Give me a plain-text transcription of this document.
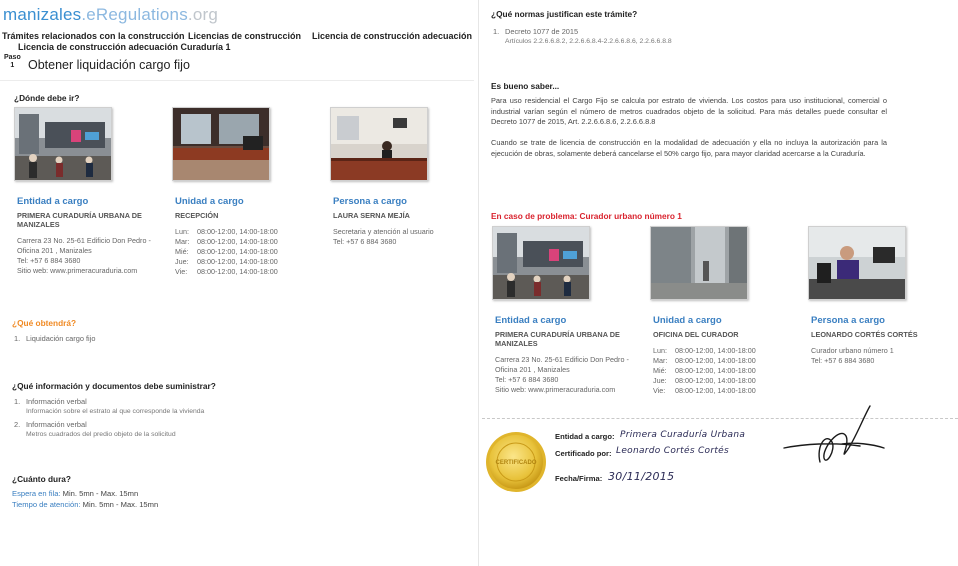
manizales.eRegulations.org
Trámites relacionados con la construcción Licencias de construcción Licencia de construcción adecuación
Licencia de construcción adecuación Curaduría 1
Paso
1	Obtener liquidación cargo fijo
¿Dónde debe ir?
Entidad a cargo
PRIMERA CURADURÍA URBANA DE MANIZALES
Carrera 23 No. 25-61 Edificio Don Pedro -
Oficina 201 , Manizales
Tel: +57 6 884 3680
Sitio web: www.primeracuraduria.com
Unidad a cargo
RECEPCIÓN
Lun:	08:00-12:00, 14:00-18:00
Mar:	08:00-12:00, 14:00-18:00
Mié:	08:00-12:00, 14:00-18:00
Jue:	08:00-12:00, 14:00-18:00
Vie:	08:00-12:00, 14:00-18:00
Persona a cargo
LAURA SERNA MEJÍA
Secretaria y atención al usuario
Tel: +57 6 884 3680
¿Qué obtendrá?
1. Liquidación cargo fijo
¿Qué información y documentos debe suministrar?
1. Información verbal
Información sobre el estrato al que corresponde la vivienda
2. Información verbal
Metros cuadrados del predio objeto de la solicitud
¿Cuánto dura?
Espera en fila: Min. 5mn - Max. 15mn
Tiempo de atención: Min. 5mn - Max. 15mn
¿Qué normas justifican este trámite?
1. Decreto 1077 de 2015
Artículos 2.2.6.6.8.2, 2.2.6.6.8.4-2.2.6.6.8.6, 2.2.6.6.8.8
Es bueno saber...
Para uso residencial el Cargo Fijo se calcula por estrato de vivienda. Los costos para uso institucional, comercial o industrial varían según el número de metros cuadrados objeto de la solicitud. Para más detalles puede consultar el Decreto 1077 de 2015, Art. 2.2.6.6.8.6, 2.2.6.6.8.8
Cuando se trate de licencia de construcción en la modalidad de adecuación y ella no incluya la autorización para la ejecución de obras, solamente deberá cancelarse el 50% cargo fijo, para mayor claridad acercarse a la Curaduría.
En caso de problema: Curador urbano número 1
Entidad a cargo
PRIMERA CURADURÍA URBANA DE MANIZALES
Carrera 23 No. 25-61 Edificio Don Pedro -
Oficina 201 , Manizales
Tel: +57 6 884 3680
Sitio web: www.primeracuraduria.com
Unidad a cargo
OFICINA DEL CURADOR
Lun:	08:00-12:00, 14:00-18:00
Mar:	08:00-12:00, 14:00-18:00
Mié:	08:00-12:00, 14:00-18:00
Jue:	08:00-12:00, 14:00-18:00
Vie:	08:00-12:00, 14:00-18:00
Persona a cargo
LEONARDO CORTÉS CORTÉS
Curador urbano número 1
Tel: +57 6 884 3680
CERTIFICADO
Entidad a cargo: Primera Curaduría Urbana
Certificado por: Leonardo Cortés Cortés
Fecha/Firma: 30/11/2015
